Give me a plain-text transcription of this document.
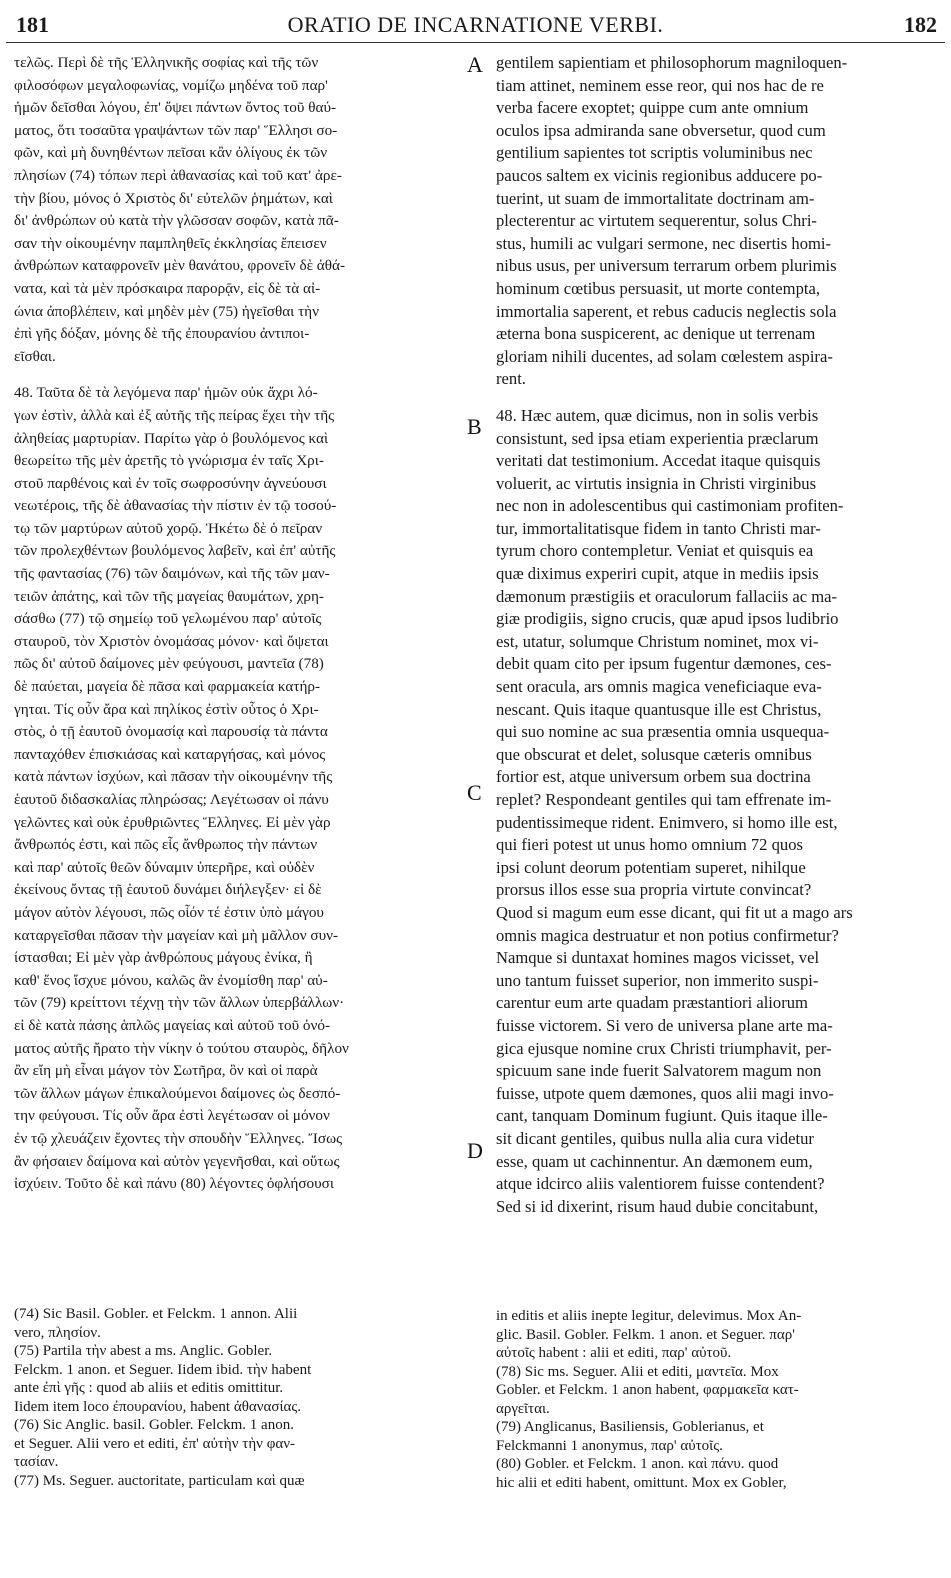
181	ORATIO DE INCARNATIONE VERBI.	182
τελῶς. Περὶ δὲ τῆς Ἑλληνικῆς σοφίας καὶ τῆς τῶν
φιλοσόφων μεγαλοφωνίας, νομίζω μηδένα τοῦ παρ'
ἡμῶν δεῖσθαι λόγου, ἐπ' ὄψει πάντων ὄντος τοῦ θαύ-
ματος, ὅτι τοσαῦτα γραψάντων τῶν παρ' Ἕλλησι σο-
φῶν, καὶ μὴ δυνηθέντων πεῖσαι κἂν ὀλίγους ἐκ τῶν
πλησίων (74) τόπων περὶ ἀθανασίας καὶ τοῦ κατ' ἀρε-
τὴν βίου, μόνος ὁ Χριστὸς δι' εὐτελῶν ῥημάτων, καὶ
δι' ἀνθρώπων οὐ κατὰ τὴν γλῶσσαν σοφῶν, κατὰ πᾶ-
σαν τὴν οἰκουμένην παμπληθεῖς ἐκκλησίας ἔπεισεν
ἀνθρώπων καταφρονεῖν μὲν θανάτου, φρονεῖν δὲ ἀθά-
νατα, καὶ τὰ μὲν πρόσκαιρα παρορᾷν, εἰς δὲ τὰ αἰ-
ώνια ἀποβλέπειν, καὶ μηδὲν μὲν (75) ἡγεῖσθαι τὴν
ἐπὶ γῆς δόξαν, μόνης δὲ τῆς ἐπουρανίου ἀντιποι-
εῖσθαι.
48. Ταῦτα δὲ τὰ λεγόμενα παρ' ἡμῶν οὐκ ἄχρι λό-
γων ἐστὶν, ἀλλὰ καὶ ἐξ αὐτῆς τῆς πείρας ἔχει τὴν τῆς
ἀληθείας μαρτυρίαν. Παρίτω γὰρ ὁ βουλόμενος καὶ
θεωρείτω τῆς μὲν ἀρετῆς τὸ γνώρισμα ἐν ταῖς Χρι-
στοῦ παρθένοις καὶ ἐν τοῖς σωφροσύνην ἀγνεύουσι
νεωτέροις, τῆς δὲ ἀθανασίας τὴν πίστιν ἐν τῷ τοσού-
τῳ τῶν μαρτύρων αὐτοῦ χορῷ. Ἡκέτω δὲ ὁ πεῖραν
τῶν προλεχθέντων βουλόμενος λαβεῖν, καὶ ἐπ' αὐτῆς
τῆς φαντασίας (76) τῶν δαιμόνων, καὶ τῆς τῶν μαν-
τειῶν ἀπάτης, καὶ τῶν τῆς μαγείας θαυμάτων, χρη-
σάσθω (77) τῷ σημείῳ τοῦ γελωμένου παρ' αὐτοῖς
σταυροῦ, τὸν Χριστὸν ὀνομάσας μόνον· καὶ ὄψεται
πῶς δι' αὐτοῦ δαίμονες μὲν φεύγουσι, μαντεῖα (78)
δὲ παύεται, μαγεία δὲ πᾶσα καὶ φαρμακεία κατήρ-
γηται. Τίς οὖν ἄρα καὶ πηλίκος ἐστὶν οὗτος ὁ Χρι-
στὸς, ὁ τῇ ἑαυτοῦ ὀνομασίᾳ καὶ παρουσίᾳ τὰ πάντα
πανταχόθεν ἐπισκιάσας καὶ καταργήσας, καὶ μόνος
κατὰ πάντων ἰσχύων, καὶ πᾶσαν τὴν οἰκουμένην τῆς
ἑαυτοῦ διδασκαλίας πληρώσας; Λεγέτωσαν οἱ πάνυ
γελῶντες καὶ οὐκ ἐρυθριῶντες Ἕλληνες. Εἰ μὲν γὰρ
ἄνθρωπός ἐστι, καὶ πῶς εἷς ἄνθρωπος τὴν πάντων
καὶ παρ' αὐτοῖς θεῶν δύναμιν ὑπερῆρε, καὶ οὐδὲν
ἐκείνους ὄντας τῇ ἑαυτοῦ δυνάμει διήλεγξεν· εἰ δὲ
μάγον αὐτὸν λέγουσι, πῶς οἷόν τέ ἐστιν ὑπὸ μάγου
καταργεῖσθαι πᾶσαν τὴν μαγείαν καὶ μὴ μᾶλλον συν-
ίστασθαι; Εἰ μὲν γὰρ ἀνθρώπους μάγους ἐνίκα, ἢ
καθ' ἕνος ἴσχυε μόνου, καλῶς ἂν ἐνομίσθη παρ' αὐ-
τῶν (79) κρείττονι τέχνῃ τὴν τῶν ἄλλων ὑπερβάλλων·
εἰ δὲ κατὰ πάσης ἁπλῶς μαγείας καὶ αὐτοῦ τοῦ ὀνό-
ματος αὐτῆς ἤρατο τὴν νίκην ὁ τούτου σταυρὸς, δῆλον
ἂν εἴη μὴ εἶναι μάγον τὸν Σωτῆρα, ὃν καὶ οἱ παρὰ
τῶν ἄλλων μάγων ἐπικαλούμενοι δαίμονες ὡς δεσπό-
την φεύγουσι. Τίς οὖν ἄρα ἐστὶ λεγέτωσαν οἱ μόνον
ἐν τῷ χλευάζειν ἔχοντες τὴν σπουδὴν Ἕλληνες. Ἴσως
ἂν φήσαιεν δαίμονα καὶ αὐτὸν γεγενῆσθαι, καὶ οὕτως
ἰσχύειν. Τοῦτο δὲ καὶ πάνυ (80) λέγοντες ὀφλήσουσι
gentilem sapientiam et philosophorum magniloquen-
tiam attinet, neminem esse reor, qui nos hac de re
verba facere exoptet; quippe cum ante omnium
oculos ipsa admiranda sane obversetur, quod cum
gentilium sapientes tot scriptis voluminibus nec
paucos saltem ex vicinis regionibus adducere po-
tuerint, ut suam de immortalitate doctrinam am-
plecterentur ac virtutem sequerentur, solus Chri-
stus, humili ac vulgari sermone, nec disertis homi-
nibus usus, per universum terrarum orbem plurimis
hominum cœtibus persuasit, ut morte contempta,
immortalia saperent, et rebus caducis neglectis sola
æterna bona suspicerent, ac denique ut terrenam
gloriam nihili ducentes, ad solam cœlestem aspira-
rent.
48. Hæc autem, quæ dicimus, non in solis verbis
consistunt, sed ipsa etiam experientia præclarum
veritati dat testimonium. Accedat itaque quisquis
voluerit, ac virtutis insignia in Christi virginibus
nec non in adolescentibus qui castimoniam profiten-
tur, immortalitatisque fidem in tanto Christi mar-
tyrum choro contempletur. Veniat et quisquis ea
quæ diximus experiri cupit, atque in mediis ipsis
dæmonum præstigiis et oraculorum fallaciis ac ma-
giæ prodigiis, signo crucis, quæ apud ipsos ludibrio
est, utatur, solumque Christum nominet, mox vi-
debit quam cito per ipsum fugentur dæmones, ces-
sent oracula, ars omnis magica veneficiaque eva-
nescant. Quis itaque quantusque ille est Christus,
qui suo nomine ac sua præsentia omnia usquequa-
que obscurat et delet, solusque cæteris omnibus
fortior est, atque universum orbem sua doctrina
replet? Respondeant gentiles qui tam effrenate im-
pudentissimeque rident. Enimvero, si homo ille est,
qui fieri potest ut unus homo omnium 72 quos
ipsi colunt deorum potentiam superet, nihilque
prorsus illos esse sua propria virtute convincat?
Quod si magum eum esse dicant, qui fit ut a mago ars
omnis magica destruatur et non potius confirmetur?
Namque si duntaxat homines magos vicisset, vel
uno tantum fuisset superior, non immerito suspi-
carentur eum arte quadam præstantiori aliorum
fuisse victorem. Si vero de universa plane arte ma-
gica ejusque nomine crux Christi triumphavit, per-
spicuum sane inde fuerit Salvatorem magum non
fuisse, utpote quem dæmones, quos alii magi invo-
cant, tanquam Dominum fugiunt. Quis itaque ille-
sit dicant gentiles, quibus nulla alia cura videtur
esse, quam ut cachinnentur. An dæmonem eum,
atque idcirco aliis valentiorem fuisse contendent?
Sed si id dixerint, risum haud dubie concitabunt,
(74) Sic Basil. Gobler. et Felckm. 1 annon. Alii
vero, πλησίον.
(75) Partila τὴν abest a ms. Anglic. Gobler.
Felckm. 1 anon. et Seguer. Iidem ibid. τὴν habent
ante ἐπὶ γῆς : quod ab aliis et editis omittitur.
Iidem item loco ἐπουρανίου, habent ἀθανασίας.
(76) Sic Anglic. basil. Gobler. Felckm. 1 anon.
et Seguer. Alii vero et editi, ἐπ' αὐτὴν τὴν φαν-
τασίαν.
(77) Ms. Seguer. auctoritate, particulam καὶ quæ
in editis et aliis inepte legitur, delevimus. Mox An-
glic. Basil. Gobler. Felkm. 1 anon. et Seguer. παρ'
αὐτοῖς habent : alii et editi, παρ' αὐτοῦ.
(78) Sic ms. Seguer. Alii et editi, μαντεῖα. Mox
Gobler. et Felckm. 1 anon habent, φαρμακεῖα κατ-
αργεῖται.
(79) Anglicanus, Basiliensis, Goblerianus, et
Felckmanni 1 anonymus, παρ' αὐτοῖς.
(80) Gobler. et Felckm. 1 anon. καὶ πάνυ. quod
hic alii et editi habent, omittunt. Mox ex Gobler,
A
B
C
D
